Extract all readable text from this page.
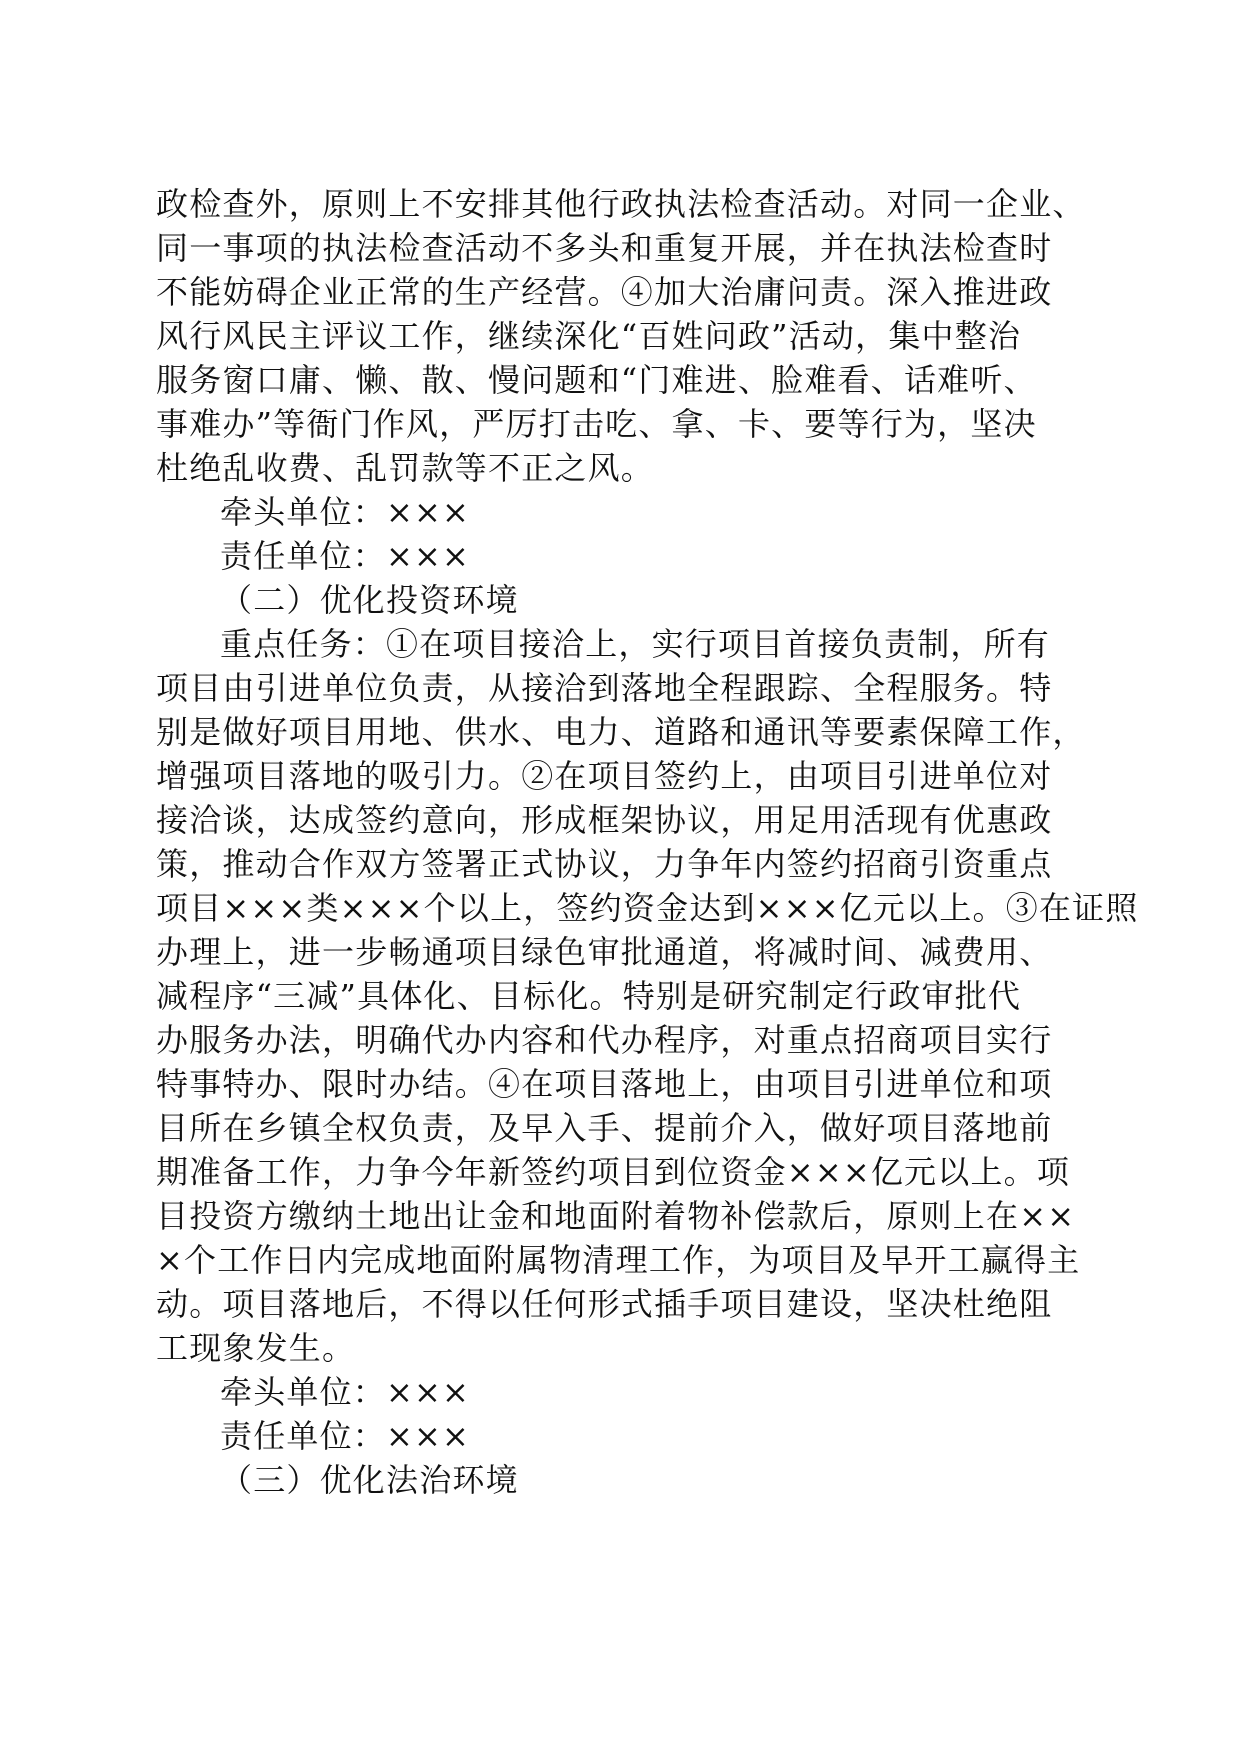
政检查外，原则上不安排其他行政执法检查活动。对同一企业、
同一事项的执法检查活动不多头和重复开展，并在执法检查时
不能妨碍企业正常的生产经营。④加大治庸问责。深入推进政
风行风民主评议工作，继续深化“百姓问政”活动，集中整治
服务窗口庸、懒、散、慢问题和“门难进、脸难看、话难听、
事难办”等衙门作风，严厉打击吃、拿、卡、要等行为，坚决
杜绝乱收费、乱罚款等不正之风。
牵头单位：×××
责任单位：×××
（二）优化投资环境
重点任务：①在项目接洽上，实行项目首接负责制，所有
项目由引进单位负责，从接洽到落地全程跟踪、全程服务。特
别是做好项目用地、供水、电力、道路和通讯等要素保障工作，
增强项目落地的吸引力。②在项目签约上，由项目引进单位对
接洽谈，达成签约意向，形成框架协议，用足用活现有优惠政
策，推动合作双方签署正式协议，力争年内签约招商引资重点
项目×××类×××个以上，签约资金达到×××亿元以上。③在证照
办理上，进一步畅通项目绿色审批通道，将减时间、减费用、
减程序“三减”具体化、目标化。特别是研究制定行政审批代
办服务办法，明确代办内容和代办程序，对重点招商项目实行
特事特办、限时办结。④在项目落地上，由项目引进单位和项
目所在乡镇全权负责，及早入手、提前介入，做好项目落地前
期准备工作，力争今年新签约项目到位资金×××亿元以上。项
目投资方缴纳土地出让金和地面附着物补偿款后，原则上在××
×个工作日内完成地面附属物清理工作，为项目及早开工赢得主
动。项目落地后，不得以任何形式插手项目建设，坚决杜绝阻
工现象发生。
牵头单位：×××
责任单位：×××
（三）优化法治环境
